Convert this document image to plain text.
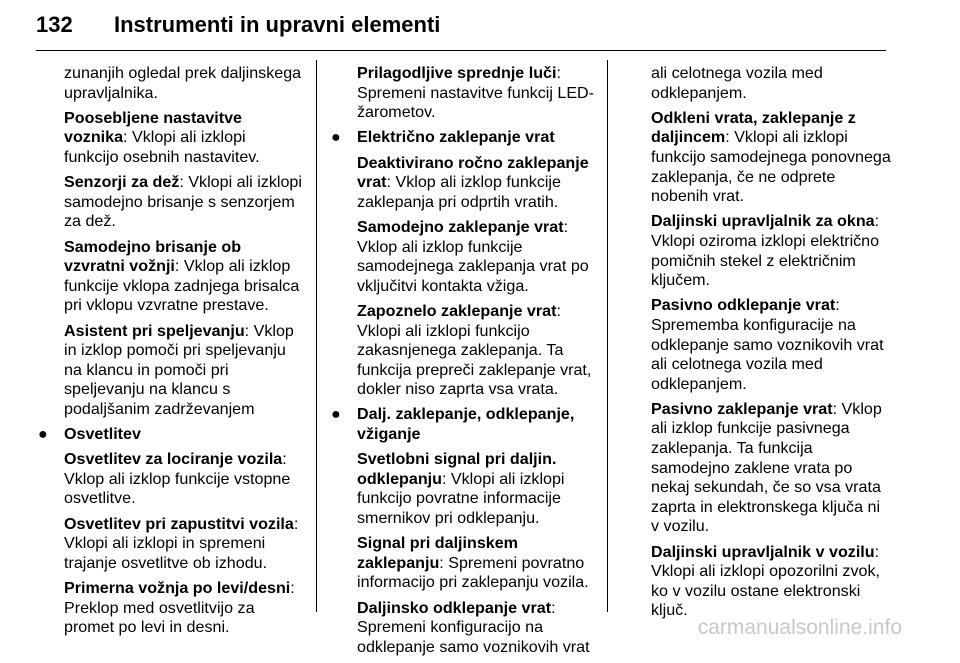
132 Instrumenti in upravni elementi

zunanjih ogledal prek daljinskega upravljalnika.

Poosebljene nastavitve voznika: Vklopi ali izklopi funkcijo osebnih nastavitev.

Senzorji za dež: Vklopi ali izklopi samodejno brisanje s senzorjem za dež.

Samodejno brisanje ob vzvratni vožnji: Vklop ali izklop funkcije vklopa zadnjega brisalca pri vklopu vzvratne prestave.

Asistent pri speljevanju: Vklop in izklop pomoči pri speljevanju na klancu in pomoči pri speljevanju na klancu s podaljšanim zadrževanjem

● Osvetlitev

Osvetlitev za lociranje vozila: Vklop ali izklop funkcije vstopne osvetlitve.

Osvetlitev pri zapustitvi vozila: Vklopi ali izklopi in spremeni trajanje osvetlitve ob izhodu.

Primerna vožnja po levi/desni: Preklop med osvetlitvijo za promet po levi in desni.

Prilagodljive sprednje luči: Spremeni nastavitve funkcij LED-žarometov.

● Električno zaklepanje vrat

Deaktivirano ročno zaklepanje vrat: Vklop ali izklop funkcije zaklepanja pri odprtih vratih.

Samodejno zaklepanje vrat: Vklop ali izklop funkcije samodejnega zaklepanja vrat po vključitvi kontakta vžiga.

Zapoznelo zaklepanje vrat: Vklopi ali izklopi funkcijo zakasnjenega zaklepanja. Ta funkcija prepreči zaklepanje vrat, dokler niso zaprta vsa vrata.

● Dalj. zaklepanje, odklepanje, vžiganje

Svetlobni signal pri daljin. odklepanju: Vklopi ali izklopi funkcijo povratne informacije smernikov pri odklepanju.

Signal pri daljinskem zaklepanju: Spremeni povratno informacijo pri zaklepanju vozila.

Daljinsko odklepanje vrat: Spremeni konfiguracijo na odklepanje samo voznikovih vrat

ali celotnega vozila med odklepanjem.

Odkleni vrata, zaklepanje z daljincem: Vklopi ali izklopi funkcijo samodejnega ponovnega zaklepanja, če ne odprete nobenih vrat.

Daljinski upravljalnik za okna: Vklopi oziroma izklopi električno pomičnih stekel z električnim ključem.

Pasivno odklepanje vrat: Sprememba konfiguracije na odklepanje samo voznikovih vrat ali celotnega vozila med odklepanjem.

Pasivno zaklepanje vrat: Vklop ali izklop funkcije pasivnega zaklepanja. Ta funkcija samodejno zaklene vrata po nekaj sekundah, če so vsa vrata zaprta in elektronskega ključa ni v vozilu.

Daljinski upravljalnik v vozilu: Vklopi ali izklopi opozorilni zvok, ko v vozilu ostane elektronski ključ.

carmanualsonline.info
